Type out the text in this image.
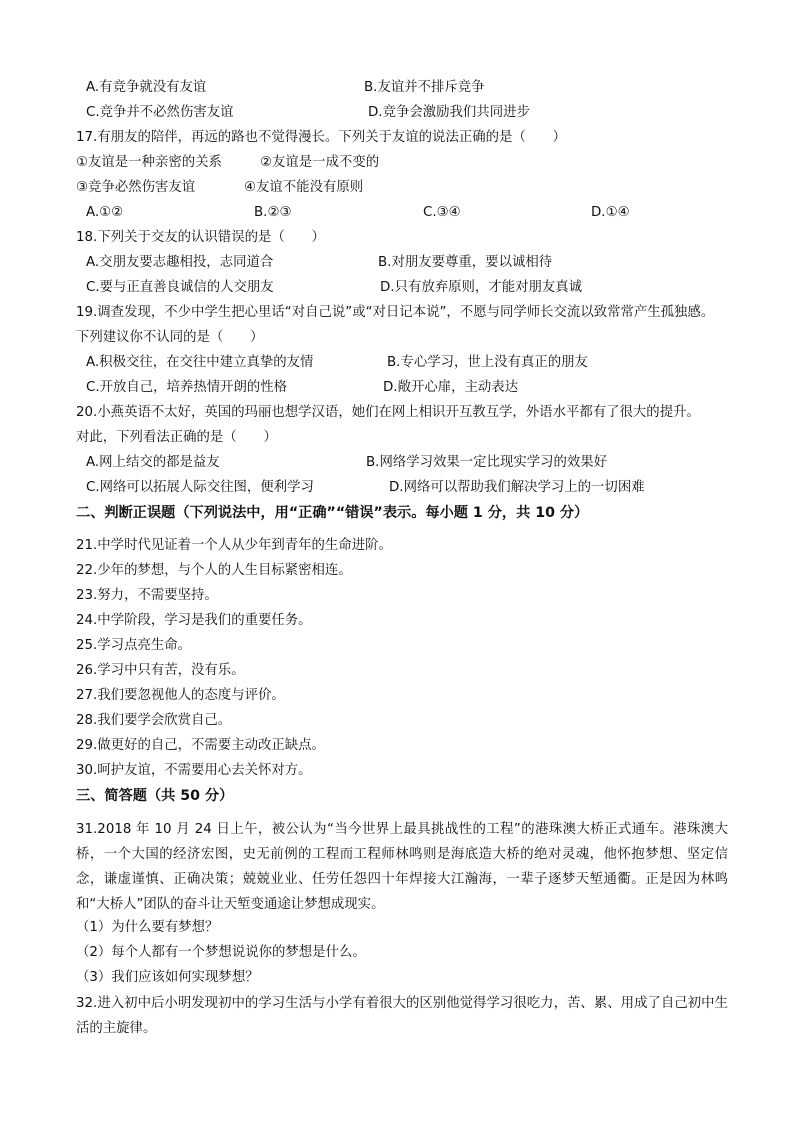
A.有竞争就没有友谊	B.友谊并不排斥竞争
C.竞争并不必然伤害友谊	D.竞争会激励我们共同进步
17.有朋友的陪伴，再远的路也不觉得漫长。下列关于友谊的说法正确的是（　　）
①友谊是一种亲密的关系	②友谊是一成不变的
③竞争必然伤害友谊	④友谊不能没有原则
A.①②	B.②③	C.③④	D.①④
18.下列关于交友的认识错误的是（　　）
A.交朋友要志趣相投，志同道合	B.对朋友要尊重，要以诚相待
C.要与正直善良诚信的人交朋友	D.只有放弃原则，才能对朋友真诚
19.调查发现，不少中学生把心里话“对自己说”或“对日记本说”，不愿与同学师长交流以致常常产生孤独感。
下列建议你不认同的是（　　）
A.积极交往，在交往中建立真挚的友情	B.专心学习，世上没有真正的朋友
C.开放自己，培养热情开朗的性格	D.敞开心扉，主动表达
20.小燕英语不太好，英国的玛丽也想学汉语，她们在网上相识开互教互学，外语水平都有了很大的提升。
对此，下列看法正确的是（　　）
A.网上结交的都是益友	B.网络学习效果一定比现实学习的效果好
C.网络可以拓展人际交往图，便利学习	D.网络可以帮助我们解决学习上的一切困难
二、判断正误题（下列说法中，用“正确”“错误”表示。每小题 1 分，共 10 分）
21.中学时代见证着一个人从少年到青年的生命进阶。
22.少年的梦想，与个人的人生目标紧密相连。
23.努力，不需要坚持。
24.中学阶段，学习是我们的重要任务。
25.学习点亮生命。
26.学习中只有苦，没有乐。
27.我们要忽视他人的态度与评价。
28.我们要学会欣赏自己。
29.做更好的自己，不需要主动改正缺点。
30.呵护友谊，不需要用心去关怀对方。
三、简答题（共 50 分）
31.2018 年 10 月 24 日上午，被公认为“当今世界上最具挑战性的工程”的港珠澳大桥正式通车。港珠澳大桥，一个大国的经济宏图，史无前例的工程而工程师林鸣则是海底造大桥的绝对灵魂，他怀抱梦想、坚定信念，谦虚谨慎、正确决策；兢兢业业、任劳任怨四十年焊接大江瀚海，一辈子逐梦天堑通衢。正是因为林鸣和“大桥人”团队的奋斗让天堑变通途让梦想成现实。
（1）为什么要有梦想？
（2）每个人都有一个梦想说说你的梦想是什么。
（3）我们应该如何实现梦想？
32.进入初中后小明发现初中的学习生活与小学有着很大的区别他觉得学习很吃力，苦、累、用成了自己初中生活的主旋律。
